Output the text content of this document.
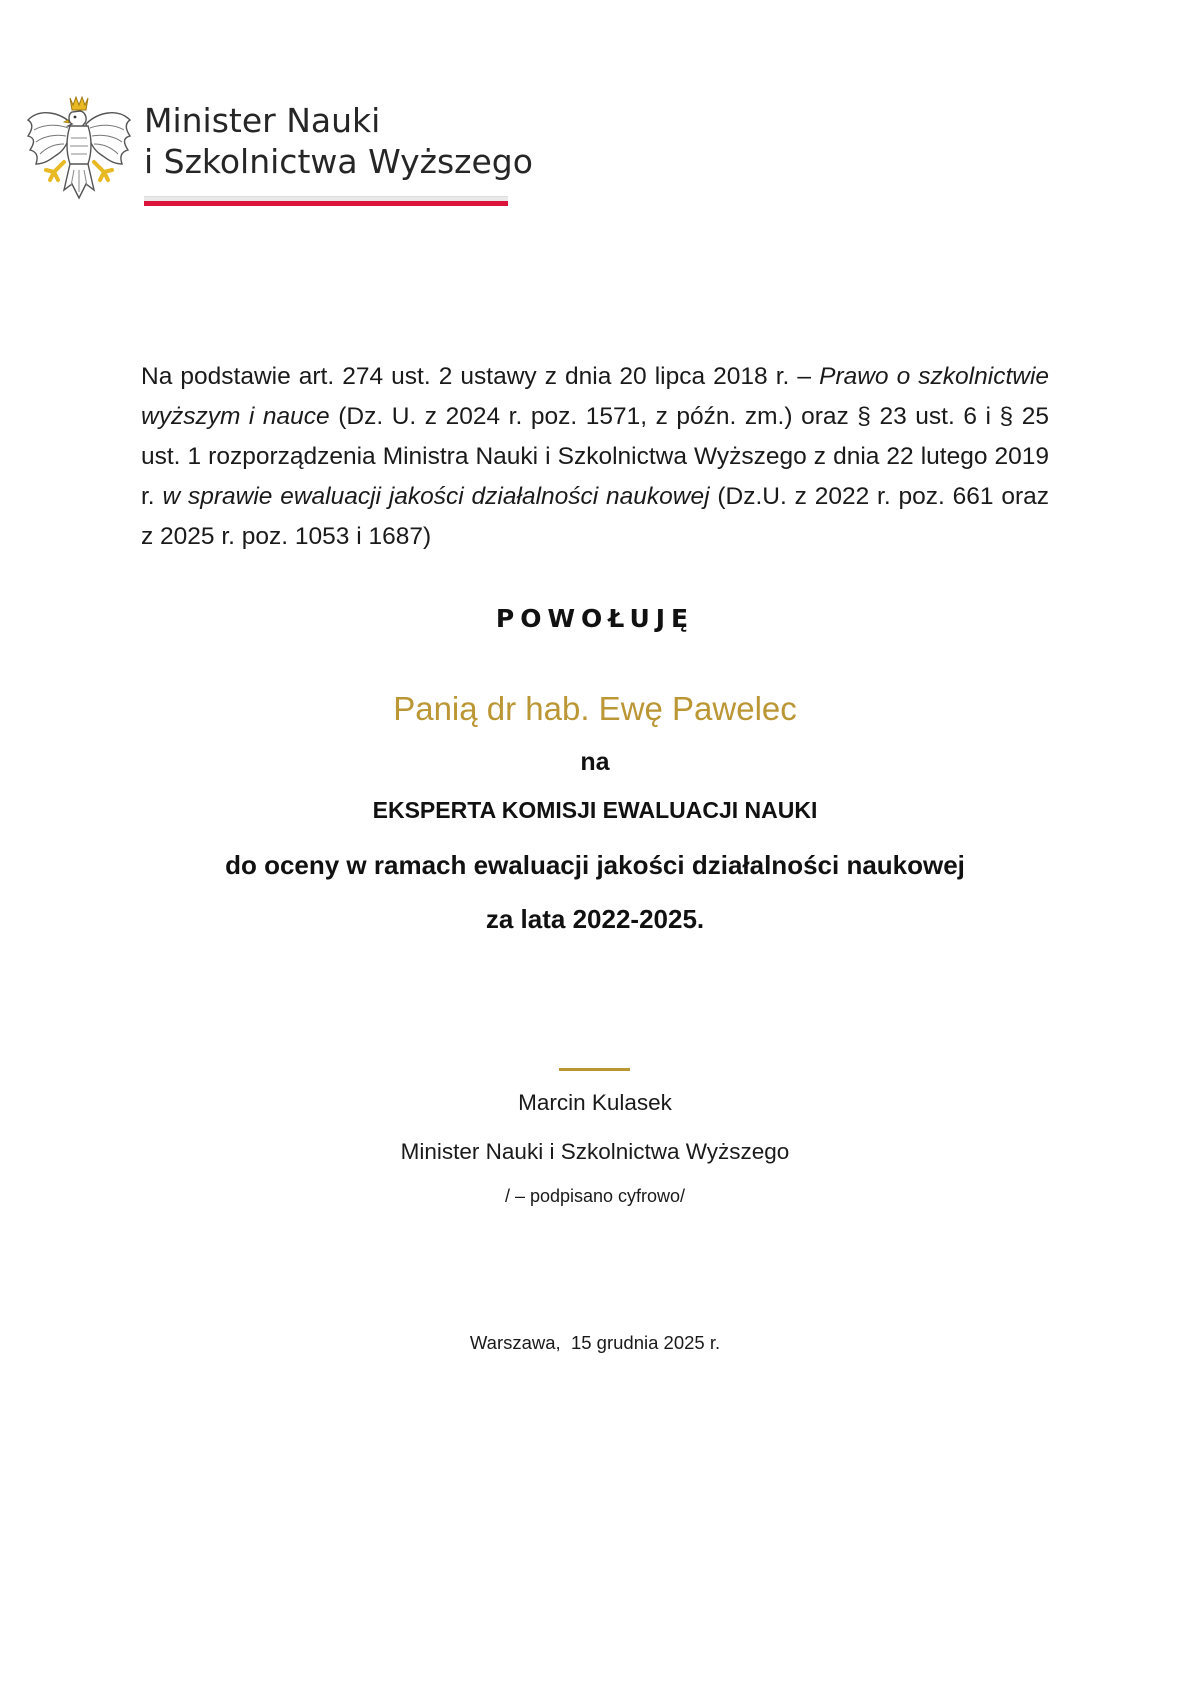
Minister Nauki
i Szkolnictwa Wyższego

Na podstawie art. 274 ust. 2 ustawy z dnia 20 lipca 2018 r. – Prawo o szkolnictwie wyższym i nauce (Dz. U. z 2024 r. poz. 1571, z późn. zm.) oraz § 23 ust. 6 i § 25 ust. 1 rozporządzenia Ministra Nauki i Szkolnictwa Wyższego z dnia 22 lutego 2019 r. w sprawie ewaluacji jakości działalności naukowej (Dz.U. z 2022 r. poz. 661 oraz z 2025 r. poz. 1053 i 1687)

POWOŁUJĘ
Panią dr hab. Ewę Pawelec
na
EKSPERTA KOMISJI EWALUACJI NAUKI
do oceny w ramach ewaluacji jakości działalności naukowej
za lata 2022-2025.
Marcin Kulasek
Minister Nauki i Szkolnictwa Wyższego
/ – podpisano cyfrowo/
Warszawa,  15 grudnia 2025 r.
